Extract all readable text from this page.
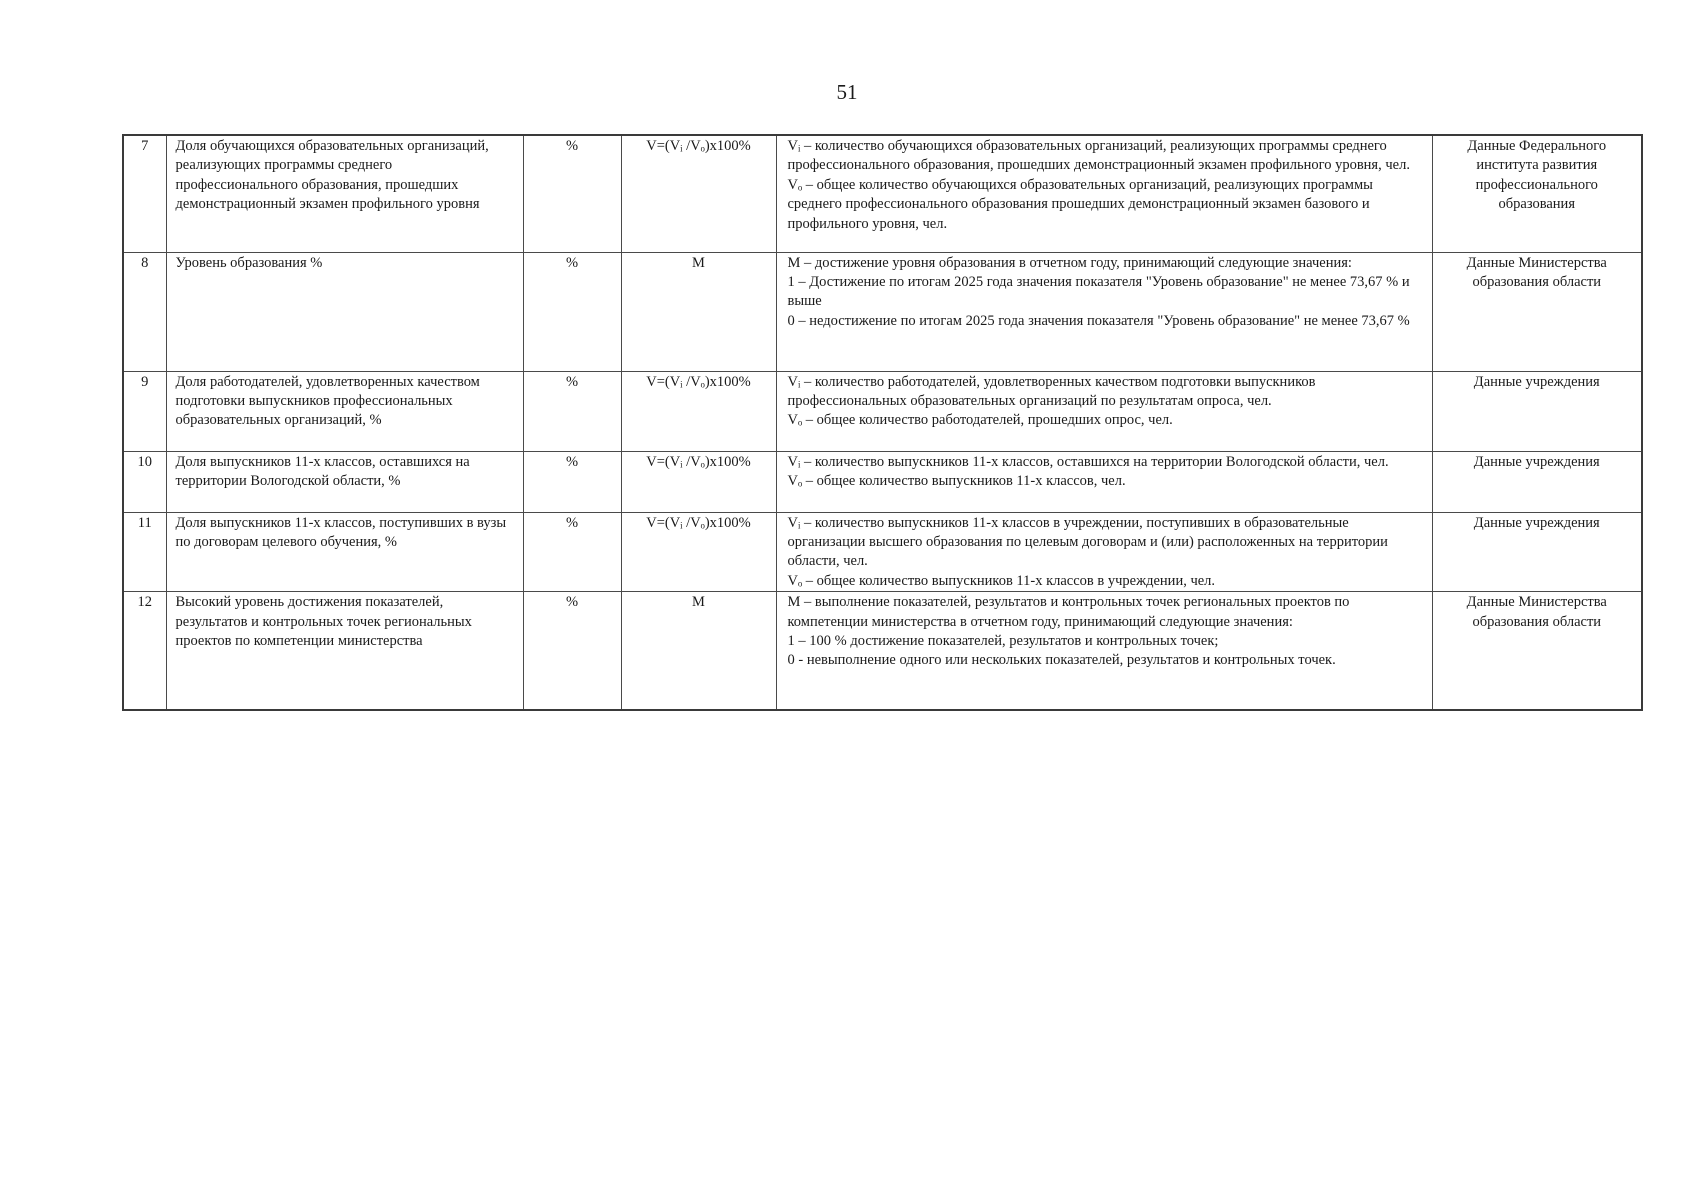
51
7	Доля обучающихся образовательных организаций, реализующих программы среднего профессионального образования, прошедших демонстрационный экзамен профильного уровня	%	V=(Vᵢ /Vₒ)x100%	Vᵢ – количество обучающихся образовательных организаций, реализующих программы среднего профессионального образования, прошедших демонстрационный экзамен профильного уровня, чел.
Vₒ – общее количество обучающихся образовательных организаций, реализующих программы среднего профессионального образования прошедших демонстрационный экзамен базового и профильного уровня, чел.	Данные Федерального института развития профессионального образования
8	Уровень образования %	%	M	M – достижение уровня образования в отчетном году, принимающий следующие значения:
1 – Достижение по итогам 2025 года значения показателя "Уровень образование" не менее 73,67 % и выше
0 – недостижение по итогам 2025 года значения показателя "Уровень образование" не менее 73,67 %	Данные Министерства образования области
9	Доля работодателей, удовлетворенных качеством подготовки выпускников профессиональных образовательных организаций, %	%	V=(Vᵢ /Vₒ)x100%	Vᵢ – количество работодателей, удовлетворенных качеством подготовки выпускников профессиональных образовательных организаций по результатам опроса, чел.
Vₒ – общее количество работодателей, прошедших опрос, чел.	Данные учреждения
10	Доля выпускников 11-х классов, оставшихся на территории Вологодской области, %	%	V=(Vᵢ /Vₒ)x100%	Vᵢ – количество выпускников 11-х классов, оставшихся на территории Вологодской области, чел.
Vₒ – общее количество выпускников 11-х классов, чел.	Данные учреждения
11	Доля выпускников 11-х классов, поступивших в вузы по договорам целевого обучения, %	%	V=(Vᵢ /Vₒ)x100%	Vᵢ – количество выпускников 11-х классов в учреждении, поступивших в образовательные организации высшего образования по целевым договорам и (или) расположенных на территории области, чел.
Vₒ – общее количество выпускников 11-х классов в учреждении, чел.	Данные учреждения
12	Высокий уровень достижения показателей, результатов и контрольных точек региональных проектов по компетенции министерства	%	M	M – выполнение показателей, результатов и контрольных точек региональных проектов по компетенции министерства в отчетном году, принимающий следующие значения:
1 – 100 % достижение показателей, результатов и контрольных точек;
0 - невыполнение одного или нескольких показателей, результатов и контрольных точек.	Данные Министерства образования области
